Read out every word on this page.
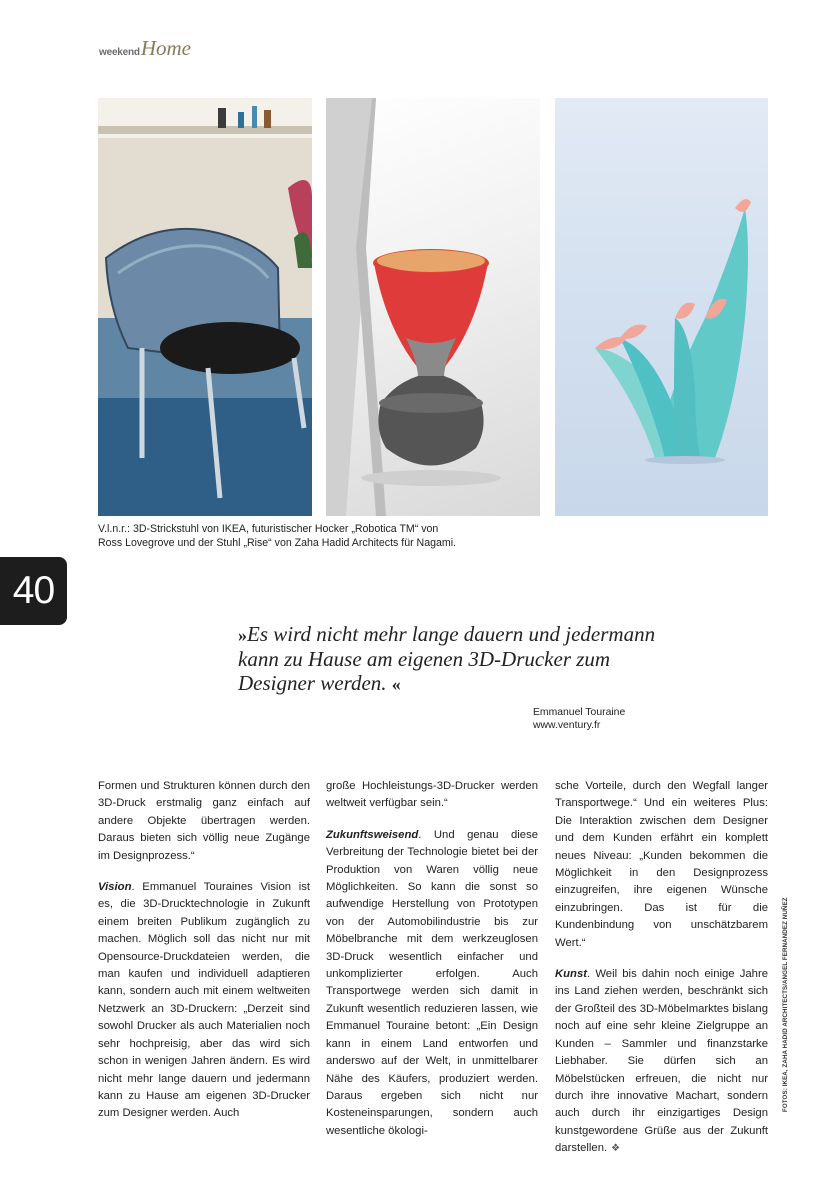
weekend Home
V.l.n.r.: 3D-Strickstuhl von IKEA, futuristischer Hocker „Robotica TM“ von
Ross Lovegrove und der Stuhl „Rise“ von Zaha Hadid Architects für Nagami.
40
»Es wird nicht mehr lange dauern und jedermann kann zu Hause am eigenen 3D-Drucker zum Designer werden. «
Emmanuel Touraine
www.ventury.fr

Formen und Strukturen können durch den 3D-Druck erstmalig ganz einfach auf andere Objekte übertragen werden. Daraus bieten sich völlig neue Zugänge im Designprozess.“

Vision. Emmanuel Touraines Vision ist es, die 3D-Drucktechnologie in Zukunft einem breiten Publikum zugänglich zu machen. Möglich soll das nicht nur mit Opensource-Druckdateien werden, die man kaufen und individuell adaptieren kann, sondern auch mit einem weltweiten Netzwerk an 3D-Druckern: „Derzeit sind sowohl Drucker als auch Materialien noch sehr hochpreisig, aber das wird sich schon in wenigen Jahren ändern. Es wird nicht mehr lange dauern und jedermann kann zu Hause am eigenen 3D-Drucker zum Designer werden. Auch

große Hochleistungs-3D-Drucker werden weltweit verfügbar sein.“

Zukunftsweisend. Und genau diese Verbreitung der Technologie bietet bei der Produktion von Waren völlig neue Möglichkeiten. So kann die sonst so aufwendige Herstellung von Prototypen von der Automobilindustrie bis zur Möbelbranche mit dem werkzeuglosen 3D-Druck wesentlich einfacher und unkomplizierter erfolgen. Auch Transportwege werden sich damit in Zukunft wesentlich reduzieren lassen, wie Emmanuel Touraine betont: „Ein Design kann in einem Land entworfen und anderswo auf der Welt, in unmittelbarer Nähe des Käufers, produziert werden. Daraus ergeben sich nicht nur Kosteneinsparungen, sondern auch wesentliche ökologi-

sche Vorteile, durch den Wegfall langer Transportwege.“ Und ein weiteres Plus: Die Interaktion zwischen dem Designer und dem Kunden erfährt ein komplett neues Niveau: „Kunden bekommen die Möglichkeit in den Designprozess einzugreifen, ihre eigenen Wünsche einzubringen. Das ist für die Kundenbindung von unschätzbarem Wert.“

Kunst. Weil bis dahin noch einige Jahre ins Land ziehen werden, beschränkt sich der Großteil des 3D-Möbelmarktes bislang noch auf eine sehr kleine Zielgruppe an Kunden – Sammler und finanzstarke Liebhaber. Sie dürfen sich an Möbelstücken erfreuen, die nicht nur durch ihre innovative Machart, sondern auch durch ihr einzigartiges Design kunstgewordene Grüße aus der Zukunft darstellen. ❖

FOTOS: IKEA, ZAHA HADID ARCHITECTS/ANGEL FERNANDEZ NUÑEZ
